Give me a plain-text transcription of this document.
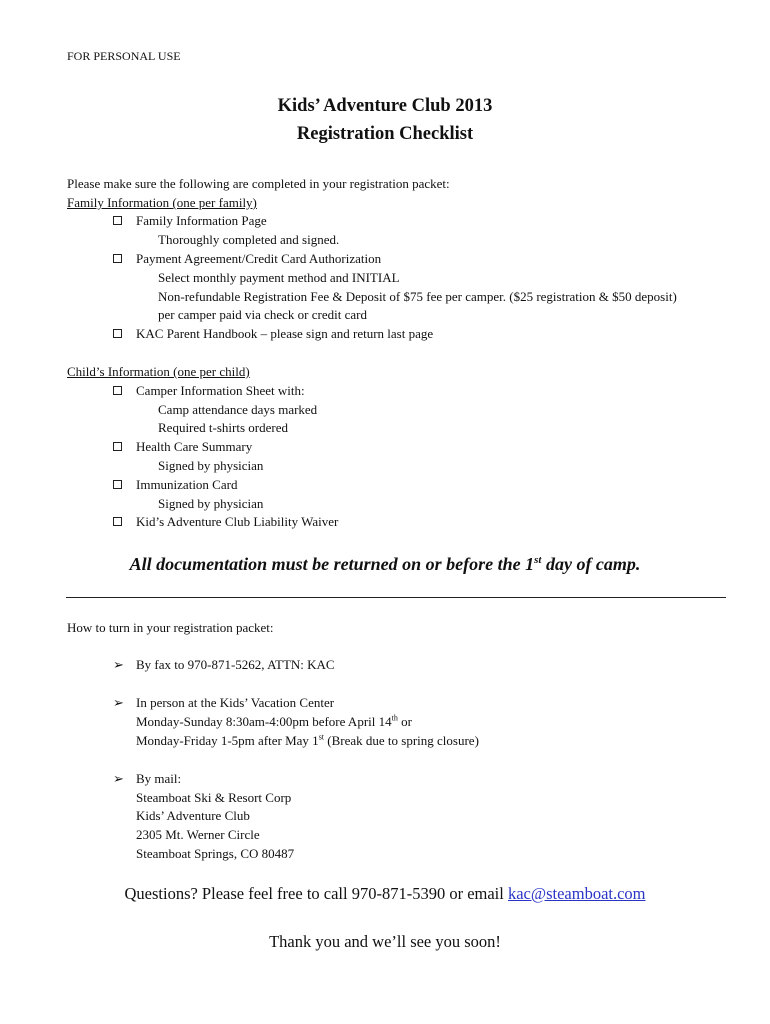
FOR PERSONAL USE
Kids’ Adventure Club 2013
Registration Checklist
Please make sure the following are completed in your registration packet:
Family Information (one per family)
Family Information Page
Thoroughly completed and signed.
Payment Agreement/Credit Card Authorization
Select monthly payment method and INITIAL
Non-refundable Registration Fee & Deposit of $75 fee per camper. ($25 registration & $50 deposit)
per camper paid via check or credit card
KAC Parent Handbook – please sign and return last page
Child’s Information (one per child)
Camper Information Sheet with:
Camp attendance days marked
Required t-shirts ordered
Health Care Summary
Signed by physician
Immunization Card
Signed by physician
Kid’s Adventure Club Liability Waiver
All documentation must be returned on or before the 1st day of camp.
How to turn in your registration packet:
➢ By fax to 970-871-5262, ATTN: KAC
➢ In person at the Kids’ Vacation Center
Monday-Sunday 8:30am-4:00pm before April 14th or
Monday-Friday 1-5pm after May 1st (Break due to spring closure)
➢ By mail:
Steamboat Ski & Resort Corp
Kids’ Adventure Club
2305 Mt. Werner Circle
Steamboat Springs, CO 80487
Questions? Please feel free to call 970-871-5390 or email kac@steamboat.com
Thank you and we’ll see you soon!
